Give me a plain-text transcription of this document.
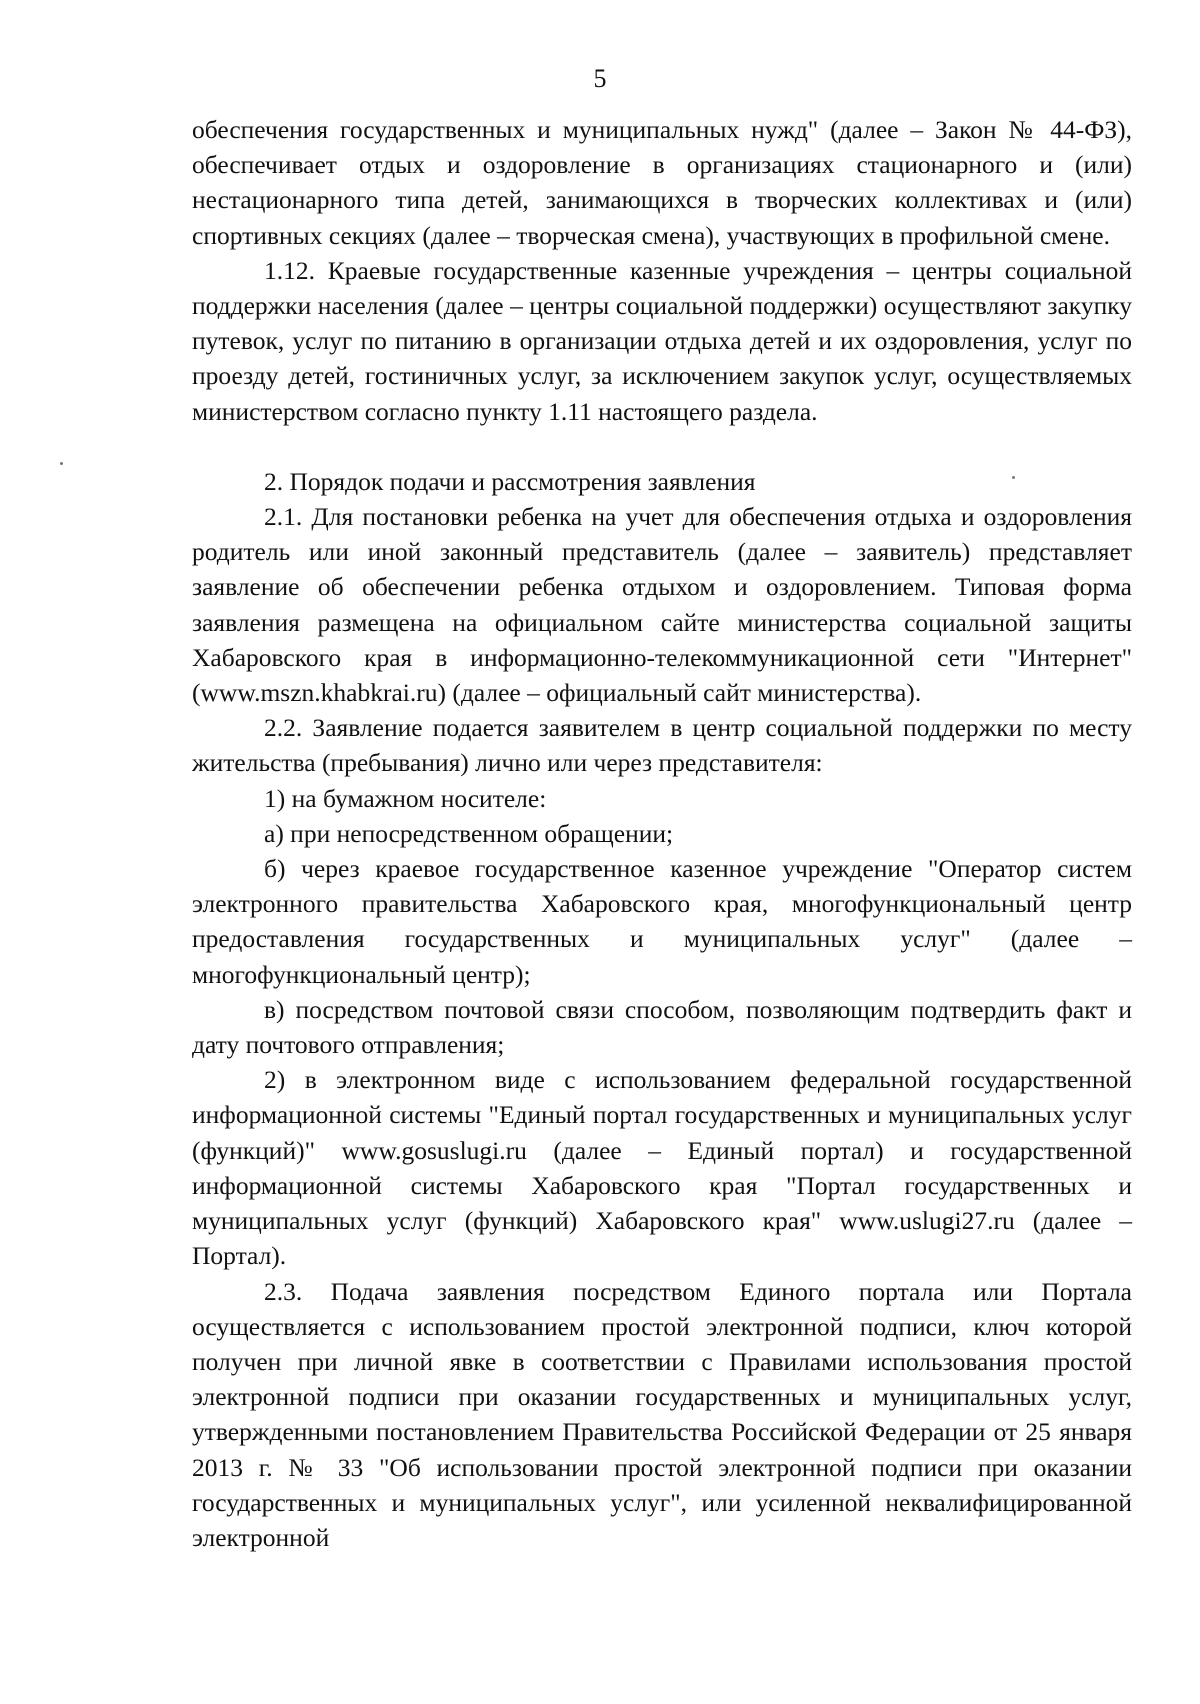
5

обеспечения государственных и муниципальных нужд" (далее – Закон № 44-ФЗ), обеспечивает отдых и оздоровление в организациях стационарного и (или) нестационарного типа детей, занимающихся в творческих коллективах и (или) спортивных секциях (далее – творческая смена), участвующих в профильной смене.

1.12. Краевые государственные казенные учреждения – центры социальной поддержки населения (далее – центры социальной поддержки) осуществляют закупку путевок, услуг по питанию в организации отдыха детей и их оздоровления, услуг по проезду детей, гостиничных услуг, за исключением закупок услуг, осуществляемых министерством согласно пункту 1.11 настоящего раздела.

2. Порядок подачи и рассмотрения заявления

2.1. Для постановки ребенка на учет для обеспечения отдыха и оздоровления родитель или иной законный представитель (далее – заявитель) представляет заявление об обеспечении ребенка отдыхом и оздоровлением. Типовая форма заявления размещена на официальном сайте министерства социальной защиты Хабаровского края в информационно-телекоммуникационной сети "Интернет" (www.mszn.khabkrai.ru) (далее – официальный сайт министерства).

2.2. Заявление подается заявителем в центр социальной поддержки по месту жительства (пребывания) лично или через представителя:

1) на бумажном носителе:

а) при непосредственном обращении;

б) через краевое государственное казенное учреждение "Оператор систем электронного правительства Хабаровского края, многофункциональный центр предоставления государственных и муниципальных услуг" (далее – многофункциональный центр);

в) посредством почтовой связи способом, позволяющим подтвердить факт и дату почтового отправления;

2) в электронном виде с использованием федеральной государственной информационной системы "Единый портал государственных и муниципальных услуг (функций)" www.gosuslugi.ru (далее – Единый портал) и государственной информационной системы Хабаровского края "Портал государственных и муниципальных услуг (функций) Хабаровского края" www.uslugi27.ru (далее – Портал).

2.3. Подача заявления посредством Единого портала или Портала осуществляется с использованием простой электронной подписи, ключ которой получен при личной явке в соответствии с Правилами использования простой электронной подписи при оказании государственных и муниципальных услуг, утвержденными постановлением Правительства Российской Федерации от 25 января 2013 г. № 33 "Об использовании простой электронной подписи при оказании государственных и муниципальных услуг", или усиленной неквалифицированной электронной
